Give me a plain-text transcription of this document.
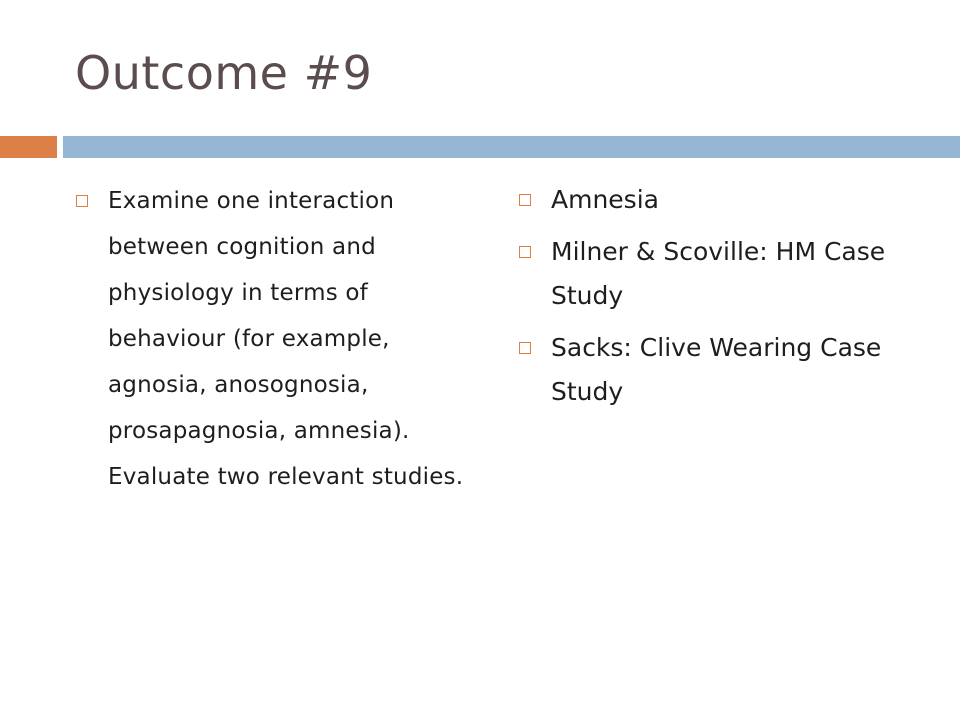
Outcome #9
Examine one interaction between cognition and physiology in terms of behaviour (for example, agnosia, anosognosia, prosapagnosia, amnesia). Evaluate two relevant studies.
Amnesia
Milner & Scoville: HM Case Study
Sacks: Clive Wearing Case Study
